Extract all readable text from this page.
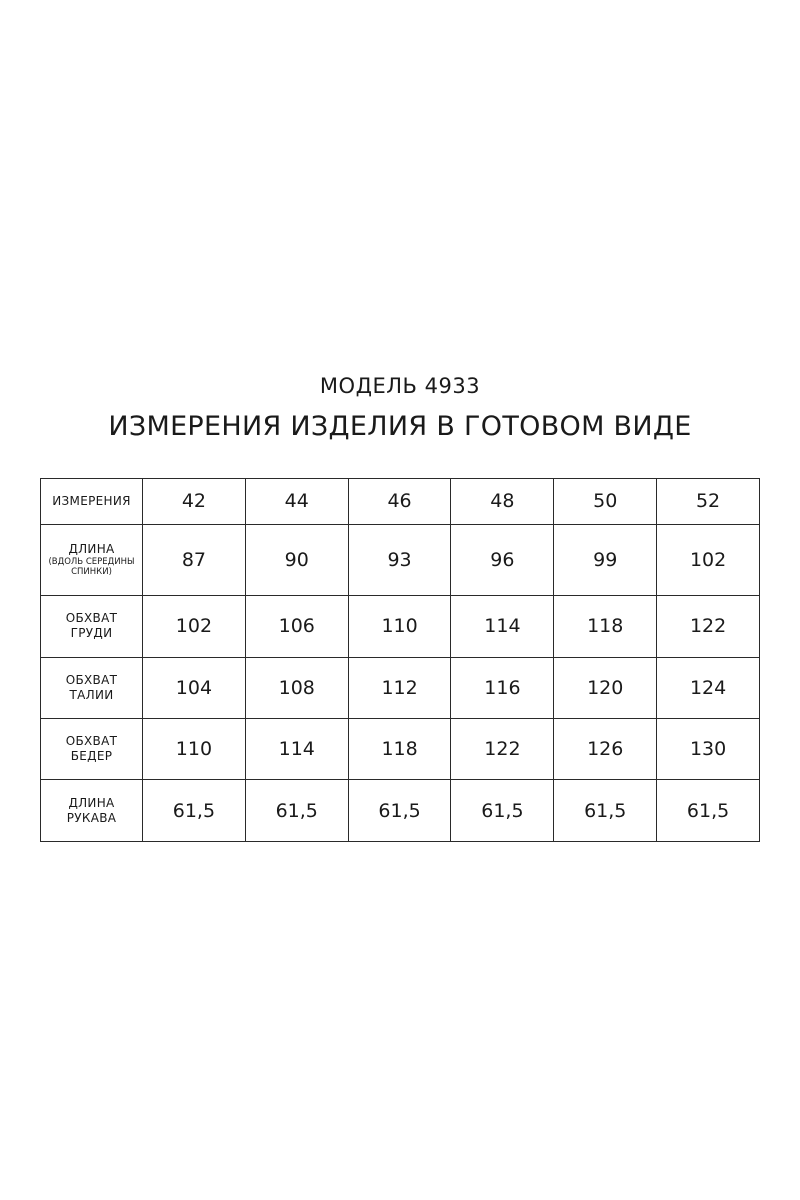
МОДЕЛЬ 4933
ИЗМЕРЕНИЯ ИЗДЕЛИЯ В ГОТОВОМ ВИДЕ
ИЗМЕРЕНИЯ	42	44	46	48	50	52
ДЛИНА
(ВДОЛЬ СЕРЕДИНЫ СПИНКИ)	87	90	93	96	99	102
ОБХВАТ
ГРУДИ	102	106	110	114	118	122
ОБХВАТ
ТАЛИИ	104	108	112	116	120	124
ОБХВАТ
БЕДЕР	110	114	118	122	126	130
ДЛИНА
РУКАВА	61,5	61,5	61,5	61,5	61,5	61,5
